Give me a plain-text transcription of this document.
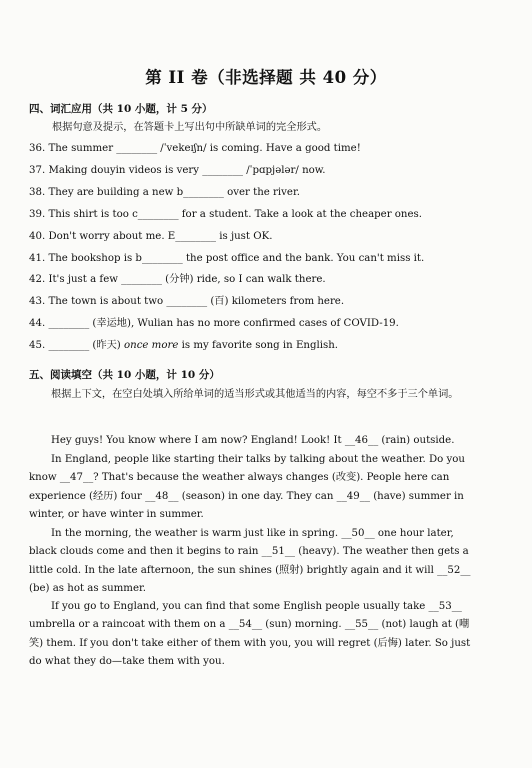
第 II 卷（非选择题 共 40 分）
四、词汇应用（共 10 小题，计 5 分）
根据句意及提示，在答题卡上写出句中所缺单词的完全形式。
36. The summer ________ /ˈvekeɪʃn/ is coming. Have a good time!
37. Making douyin videos is very ________ /ˈpɑpjələr/ now.
38. They are building a new b________ over the river.
39. This shirt is too c________ for a student. Take a look at the cheaper ones.
40. Don't worry about me. E________ is just OK.
41. The bookshop is b________ the post office and the bank. You can't miss it.
42. It's just a few ________ (分钟) ride, so I can walk there.
43. The town is about two ________ (百) kilometers from here.
44. ________ (幸运地), Wulian has no more confirmed cases of COVID-19.
45. ________ (昨天) once more is my favorite song in English.
五、阅读填空（共 10 小题，计 10 分）
根据上下文，在空白处填入所给单词的适当形式或其他适当的内容，每空不多于三个单词。
Hey guys! You know where I am now? England! Look! It __46__ (rain) outside.
In England, people like starting their talks by talking about the weather. Do you know __47__? That's because the weather always changes (改变). People here can experience (经历) four __48__ (season) in one day. They can __49__ (have) summer in winter, or have winter in summer.
In the morning, the weather is warm just like in spring. __50__ one hour later, black clouds come and then it begins to rain __51__ (heavy). The weather then gets a little cold. In the late afternoon, the sun shines (照射) brightly again and it will __52__ (be) as hot as summer.
If you go to England, you can find that some English people usually take __53__ umbrella or a raincoat with them on a __54__ (sun) morning. __55__ (not) laugh at (嘲笑) them. If you don't take either of them with you, you will regret (后悔) later. So just do what they do—take them with you.
